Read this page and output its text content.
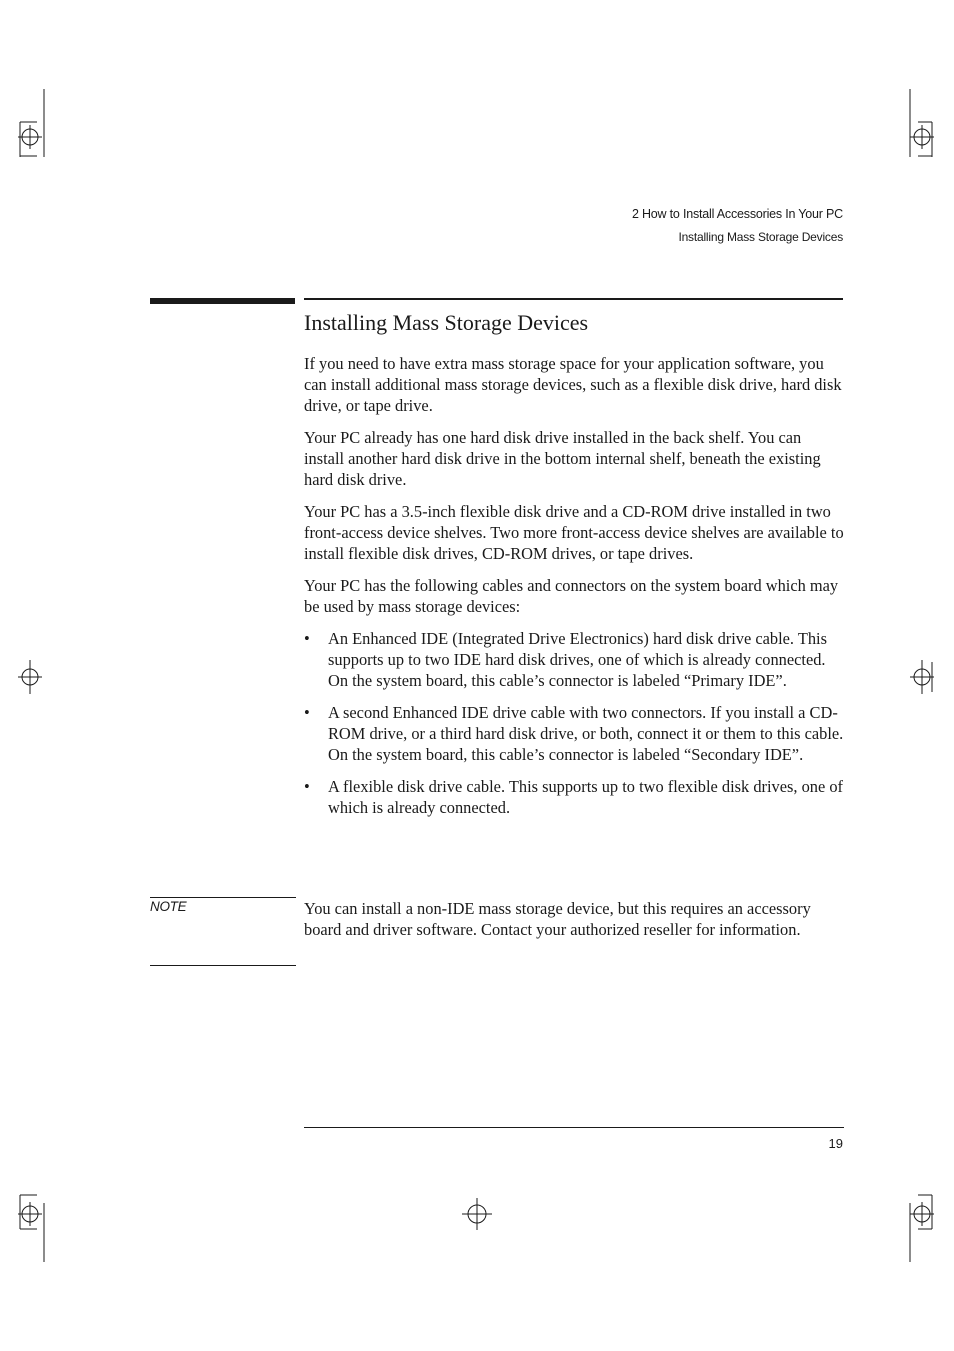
2 How to Install Accessories In Your PC
Installing Mass Storage Devices
Installing Mass Storage Devices

If you need to have extra mass storage space for your application software, you can install additional mass storage devices, such as a flexible disk drive, hard disk drive, or tape drive.

Your PC already has one hard disk drive installed in the back shelf. You can install another hard disk drive in the bottom internal shelf, beneath the existing hard disk drive.

Your PC has a 3.5-inch flexible disk drive and a CD-ROM drive installed in two front-access device shelves. Two more front-access device shelves are available to install flexible disk drives, CD-ROM drives, or tape drives.

Your PC has the following cables and connectors on the system board which may be used by mass storage devices:

• An Enhanced IDE (Integrated Drive Electronics) hard disk drive cable. This supports up to two IDE hard disk drives, one of which is already connected. On the system board, this cable’s connector is labeled “Primary IDE”.
• A second Enhanced IDE drive cable with two connectors. If you install a CD-ROM drive, or a third hard disk drive, or both, connect it or them to this cable. On the system board, this cable’s connector is labeled “Secondary IDE”.
• A flexible disk drive cable. This supports up to two flexible disk drives, one of which is already connected.
NOTE	You can install a non-IDE mass storage device, but this requires an accessory board and driver software. Contact your authorized reseller for information.
19
